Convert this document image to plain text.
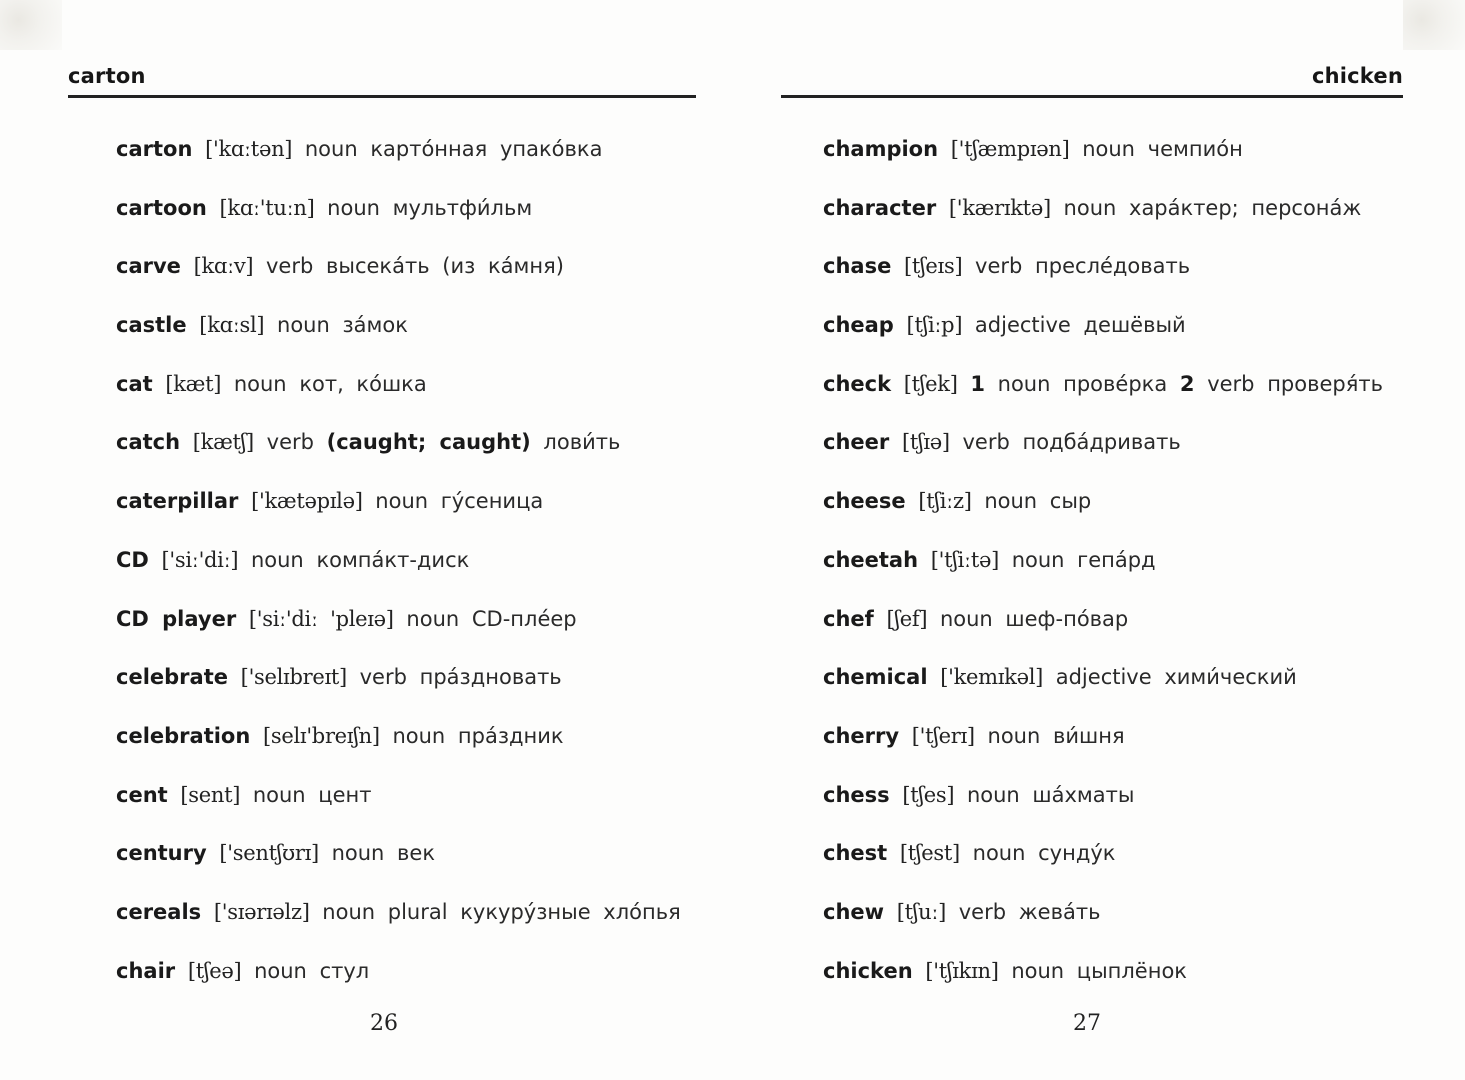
carton
carton ['kɑːtən] noun карто́нная упако́вка
cartoon [kɑː'tuːn] noun мультфи́льм
carve [kɑːv] verb высека́ть (из ка́мня)
castle [kɑːsl] noun за́мок
cat [kæt] noun кот, ко́шка
catch [kætʃ] verb (caught; caught) лови́ть
caterpillar ['kætəpɪlə] noun гу́сеница
CD ['siː'diː] noun компа́кт-диск
CD player ['siː'diː 'pleɪə] noun CD-плéер
celebrate ['selɪbreɪt] verb пра́здновать
celebration [selɪ'breɪʃn] noun пра́здник
cent [sent] noun цент
century ['sentʃʊrɪ] noun век
cereals ['sɪərɪəlz] noun plural кукуру́зные хло́пья
chair [tʃeə] noun стул
26
chicken
champion ['tʃæmpɪən] noun чемпио́н
character ['kærɪktə] noun хара́ктер; персона́ж
chase [tʃeɪs] verb пресле́довать
cheap [tʃiːp] adjective дешёвый
check [tʃek] 1 noun прове́рка 2 verb проверя́ть
cheer [tʃɪə] verb подба́дривать
cheese [tʃiːz] noun сыр
cheetah ['tʃiːtə] noun гепа́рд
chef [ʃef] noun шеф-по́вар
chemical ['kemɪkəl] adjective хими́ческий
cherry ['tʃerɪ] noun ви́шня
chess [tʃes] noun ша́хматы
chest [tʃest] noun сунду́к
chew [tʃuː] verb жева́ть
chicken ['tʃɪkɪn] noun цыплёнок
27
